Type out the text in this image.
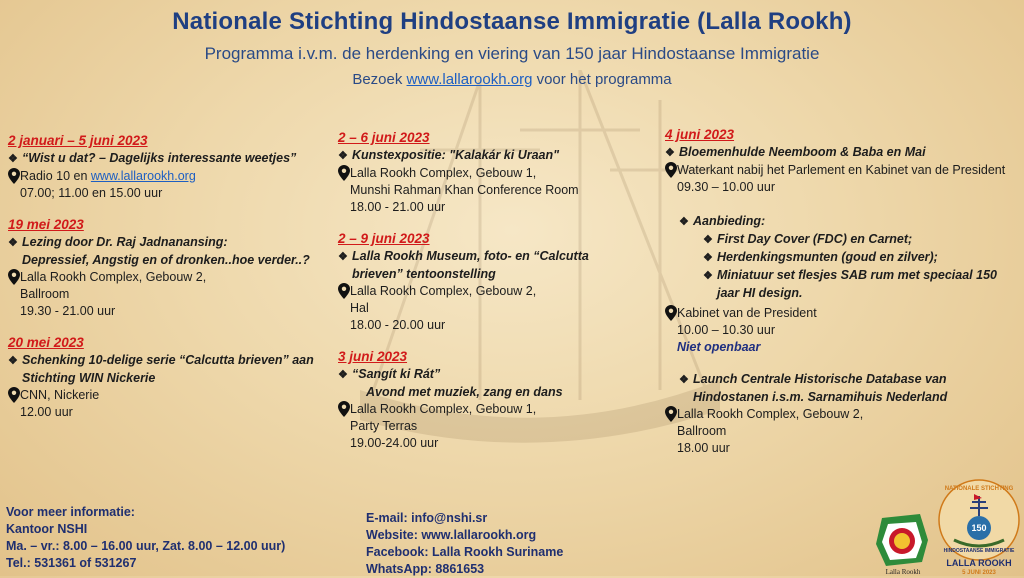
Nationale Stichting Hindostaanse Immigratie (Lalla Rookh)
Programma i.v.m. de herdenking en viering van 150 jaar Hindostaanse Immigratie
Bezoek www.lallarookh.org voor het programma
2 januari – 5 juni 2023
❖ “Wist u dat? – Dagelijks interessante weetjes”
Radio 10 en www.lallarookh.org
07.00; 11.00 en 15.00 uur
19 mei 2023
❖ Lezing door Dr. Raj Jadnanansing:
Depressief, Angstig en of dronken..hoe verder..?
Lalla Rookh Complex, Gebouw 2,
Ballroom
19.30 - 21.00 uur
20 mei 2023
❖ Schenking 10-delige serie “Calcutta brieven” aan Stichting WIN Nickerie
CNN, Nickerie
12.00 uur
2 – 6 juni 2023
❖ Kunstexpositie: "Kalakár ki Uraan"
Lalla Rookh Complex, Gebouw 1,
Munshi Rahman Khan Conference Room
18.00 - 21.00 uur
2 – 9 juni 2023
❖ Lalla Rookh Museum, foto- en “Calcutta brieven” tentoonstelling
Lalla Rookh Complex, Gebouw 2,
Hal
18.00 - 20.00 uur
3 juni 2023
❖ “Sangít ki Rát”
Avond met muziek, zang en dans
Lalla Rookh Complex, Gebouw 1,
Party Terras
19.00-24.00 uur
4 juni 2023
❖ Bloemenhulde Neemboom & Baba en Mai
Waterkant nabij het Parlement en Kabinet van de President
09.30 – 10.00 uur
❖ Aanbieding:
❖ First Day Cover (FDC) en Carnet;
❖ Herdenkingsmunten (goud en zilver);
❖ Miniatuur set flesjes SAB rum met speciaal 150 jaar HI design.
Kabinet van de President
10.00 – 10.30 uur
Niet openbaar
❖ Launch Centrale Historische Database van Hindostanen i.s.m. Sarnamihuis Nederland
Lalla Rookh Complex, Gebouw 2,
Ballroom
18.00 uur
Voor meer informatie:
Kantoor NSHI
Ma. – vr.: 8.00 – 16.00 uur, Zat. 8.00 – 12.00 uur)
Tel.: 531361 of 531267
E-mail: info@nshi.sr
Website: www.lallarookh.org
Facebook: Lalla Rookh Suriname
WhatsApp: 8861653	Lalla Rookh
NATIONALE STICHTING
150
HINDOSTAANSE IMMIGRATIE
LALLA ROOKH
5 JUNI 2023
